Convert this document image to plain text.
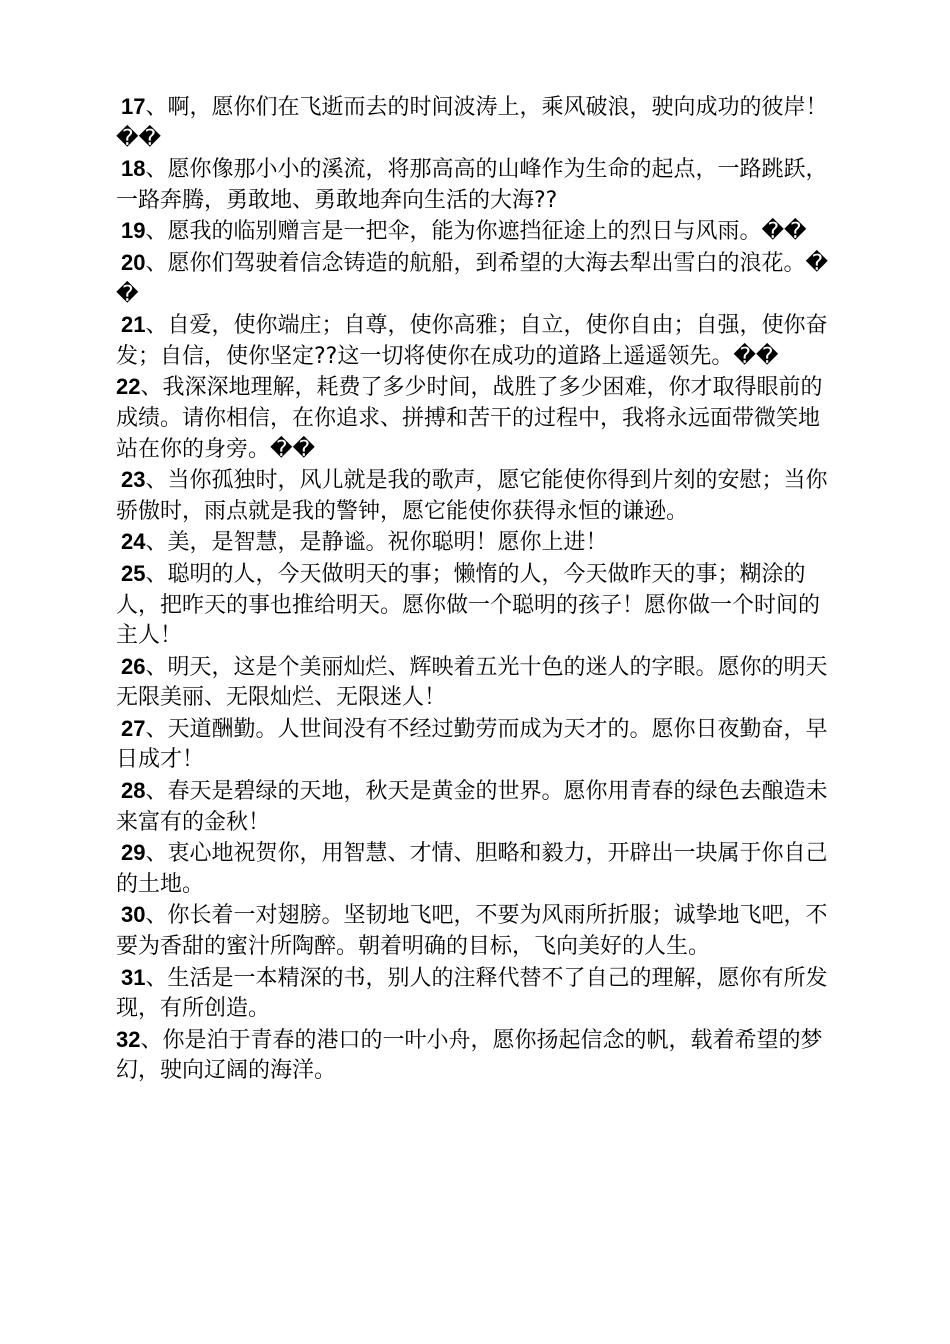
17、啊，愿你们在飞逝而去的时间波涛上，乘风破浪，驶向成功的彼岸！��

18、愿你像那小小的溪流，将那高高的山峰作为生命的起点，一路跳跃，一路奔腾，勇敢地、勇敢地奔向生活的大海??

19、愿我的临别赠言是一把伞，能为你遮挡征途上的烈日与风雨。��

20、愿你们驾驶着信念铸造的航船，到希望的大海去犁出雪白的浪花。��

21、自爱，使你端庄；自尊，使你高雅；自立，使你自由；自强，使你奋发；自信，使你坚定??这一切将使你在成功的道路上遥遥领先。��

22、我深深地理解，耗费了多少时间，战胜了多少困难，你才取得眼前的成绩。请你相信，在你追求、拼搏和苦干的过程中，我将永远面带微笑地站在你的身旁。��

23、当你孤独时，风儿就是我的歌声，愿它能使你得到片刻的安慰；当你骄傲时，雨点就是我的警钟，愿它能使你获得永恒的谦逊。

24、美，是智慧，是静谧。祝你聪明！愿你上进！

25、聪明的人，今天做明天的事；懒惰的人，今天做昨天的事；糊涂的人，把昨天的事也推给明天。愿你做一个聪明的孩子！愿你做一个时间的主人！

26、明天，这是个美丽灿烂、辉映着五光十色的迷人的字眼。愿你的明天无限美丽、无限灿烂、无限迷人！

27、天道酬勤。人世间没有不经过勤劳而成为天才的。愿你日夜勤奋，早日成才！

28、春天是碧绿的天地，秋天是黄金的世界。愿你用青春的绿色去酿造未来富有的金秋！

29、衷心地祝贺你，用智慧、才情、胆略和毅力，开辟出一块属于你自己的土地。

30、你长着一对翅膀。坚韧地飞吧，不要为风雨所折服；诚挚地飞吧，不要为香甜的蜜汁所陶醉。朝着明确的目标，飞向美好的人生。

31、生活是一本精深的书，别人的注释代替不了自己的理解，愿你有所发现，有所创造。

32、你是泊于青春的港口的一叶小舟，愿你扬起信念的帆，载着希望的梦幻，驶向辽阔的海洋。
